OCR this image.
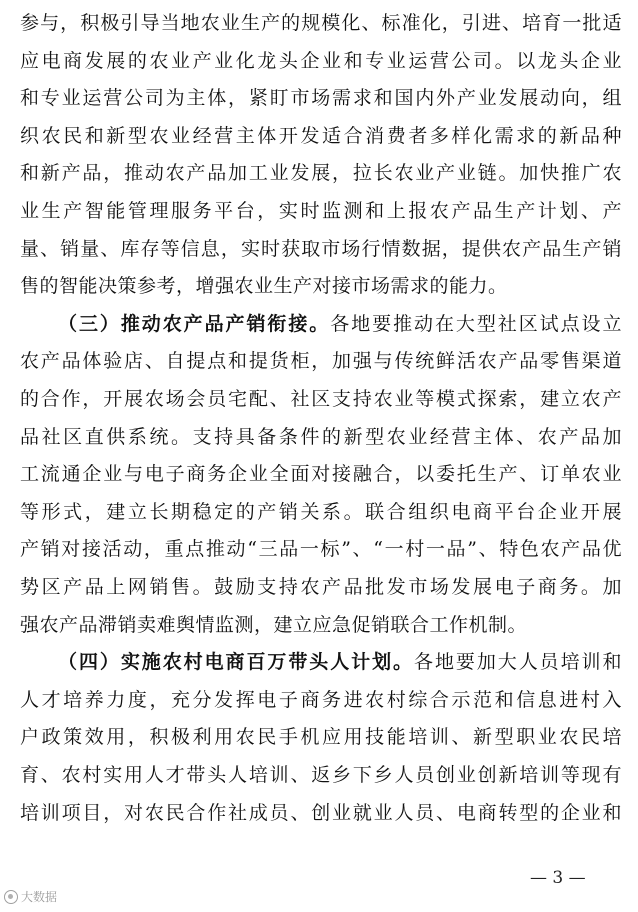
参与，积极引导当地农业生产的规模化、标准化，引进、培育一批适
应电商发展的农业产业化龙头企业和专业运营公司。以龙头企业
和专业运营公司为主体，紧盯市场需求和国内外产业发展动向，组
织农民和新型农业经营主体开发适合消费者多样化需求的新品种
和新产品，推动农产品加工业发展，拉长农业产业链。加快推广农
业生产智能管理服务平台，实时监测和上报农产品生产计划、产
量、销量、库存等信息，实时获取市场行情数据，提供农产品生产销
售的智能决策参考，增强农业生产对接市场需求的能力。
（三）推动农产品产销衔接。各地要推动在大型社区试点设立
农产品体验店、自提点和提货柜，加强与传统鲜活农产品零售渠道
的合作，开展农场会员宅配、社区支持农业等模式探索，建立农产
品社区直供系统。支持具备条件的新型农业经营主体、农产品加
工流通企业与电子商务企业全面对接融合，以委托生产、订单农业
等形式，建立长期稳定的产销关系。联合组织电商平台企业开展
产销对接活动，重点推动“三品一标”、“一村一品”、特色农产品优
势区产品上网销售。鼓励支持农产品批发市场发展电子商务。加
强农产品滞销卖难舆情监测，建立应急促销联合工作机制。
（四）实施农村电商百万带头人计划。各地要加大人员培训和
人才培养力度，充分发挥电子商务进农村综合示范和信息进村入
户政策效用，积极利用农民手机应用技能培训、新型职业农民培
育、农村实用人才带头人培训、返乡下乡人员创业创新培训等现有
培训项目，对农民合作社成员、创业就业人员、电商转型的企业和
— 3 —
大数据
